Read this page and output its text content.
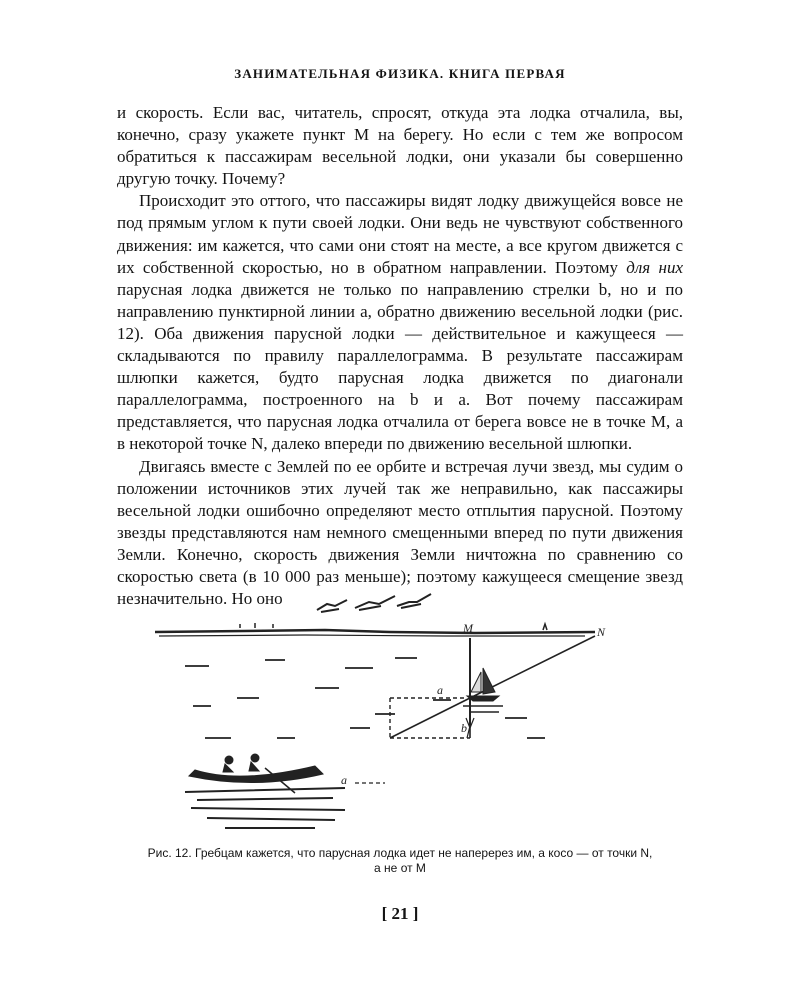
ЗАНИМАТЕЛЬНАЯ ФИЗИКА. КНИГА ПЕРВАЯ

и скорость. Если вас, читатель, спросят, откуда эта лодка отчалила, вы, конечно, сразу укажете пункт М на берегу. Но если с тем же вопросом обратиться к пассажирам весельной лодки, они указали бы совершенно другую точку. Почему?

Происходит это оттого, что пассажиры видят лодку движущейся вовсе не под прямым углом к пути своей лодки. Они ведь не чувствуют собственного движения: им кажется, что сами они стоят на месте, а все кругом движется с их собственной скоростью, но в обратном направлении. Поэтому для них парусная лодка движется не только по направлению стрелки b, но и по направлению пунктирной линии a, обратно движению весельной лодки (рис. 12). Оба движения парусной лодки — действительное и кажущееся — складываются по правилу параллелограмма. В результате пассажирам шлюпки кажется, будто парусная лодка движется по диагонали параллелограмма, построенного на b и a. Вот почему пассажирам представляется, что парусная лодка отчалила от берега вовсе не в точке М, а в некоторой точке N, далеко впереди по движению весельной шлюпки.

Двигаясь вместе с Землей по ее орбите и встречая лучи звезд, мы судим о положении источников этих лучей так же неправильно, как пассажиры весельной лодки ошибочно определяют место отплытия парусной. Поэтому звезды представляются нам немного смещенными вперед по пути движения Земли. Конечно, скорость движения Земли ничтожна по сравнению со скоростью света (в 10 000 раз меньше); поэтому кажущееся смещение звезд незначительно. Но оно

M	N
a
b
a
Рис. 12. Гребцам кажется, что парусная лодка идет не наперерез им, а косо — от точки N,
а не от М
[ 21 ]
